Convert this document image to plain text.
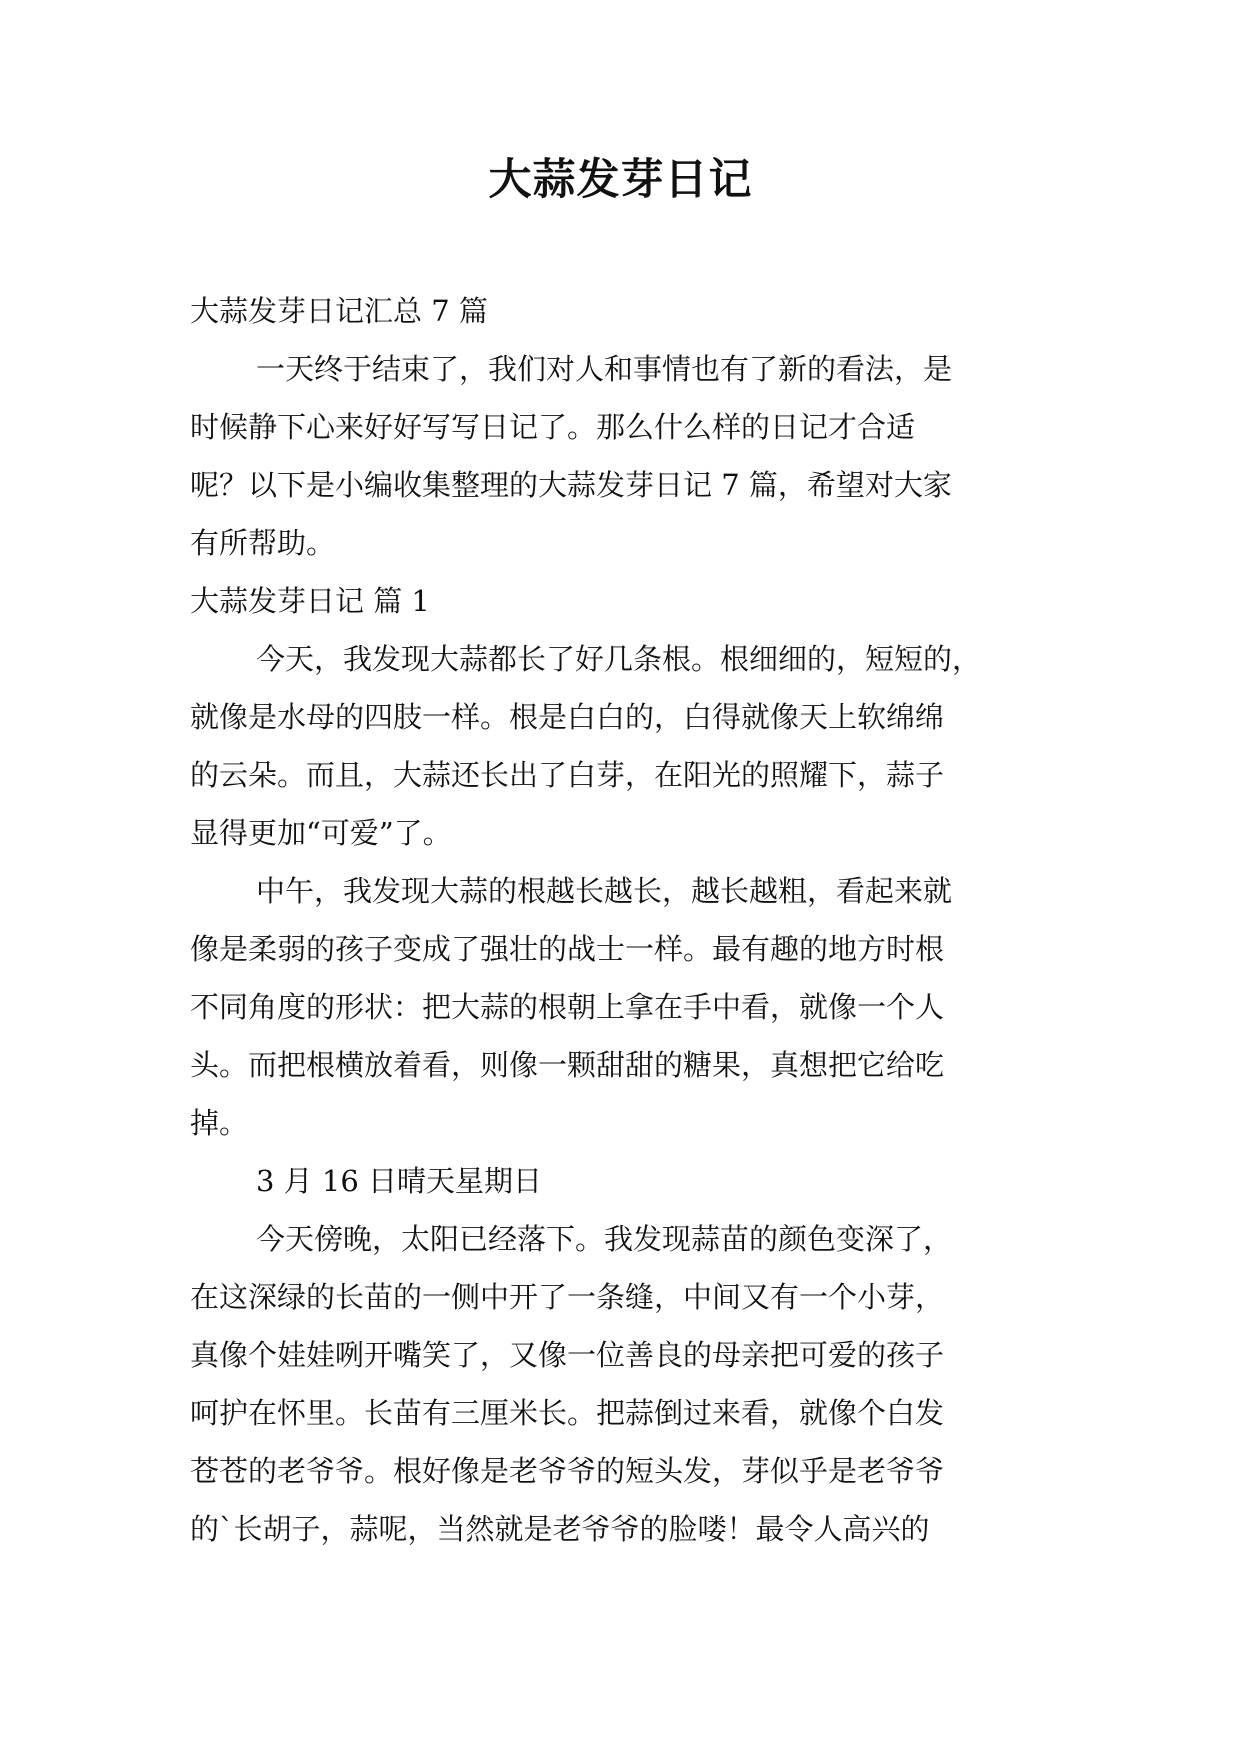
大蒜发芽日记
大蒜发芽日记汇总 7 篇
一天终于结束了，我们对人和事情也有了新的看法，是
时候静下心来好好写写日记了。那么什么样的日记才合适
呢？以下是小编收集整理的大蒜发芽日记 7 篇，希望对大家
有所帮助。
大蒜发芽日记 篇 1
今天，我发现大蒜都长了好几条根。根细细的，短短的，
就像是水母的四肢一样。根是白白的，白得就像天上软绵绵
的云朵。而且，大蒜还长出了白芽，在阳光的照耀下，蒜子
显得更加“可爱”了。
中午，我发现大蒜的根越长越长，越长越粗，看起来就
像是柔弱的孩子变成了强壮的战士一样。最有趣的地方时根
不同角度的形状：把大蒜的根朝上拿在手中看，就像一个人
头。而把根横放着看，则像一颗甜甜的糖果，真想把它给吃
掉。
3 月 16 日晴天星期日
今天傍晚，太阳已经落下。我发现蒜苗的颜色变深了，
在这深绿的长苗的一侧中开了一条缝，中间又有一个小芽，
真像个娃娃咧开嘴笑了，又像一位善良的母亲把可爱的孩子
呵护在怀里。长苗有三厘米长。把蒜倒过来看，就像个白发
苍苍的老爷爷。根好像是老爷爷的短头发，芽似乎是老爷爷
的`长胡子，蒜呢，当然就是老爷爷的脸喽！最令人高兴的
